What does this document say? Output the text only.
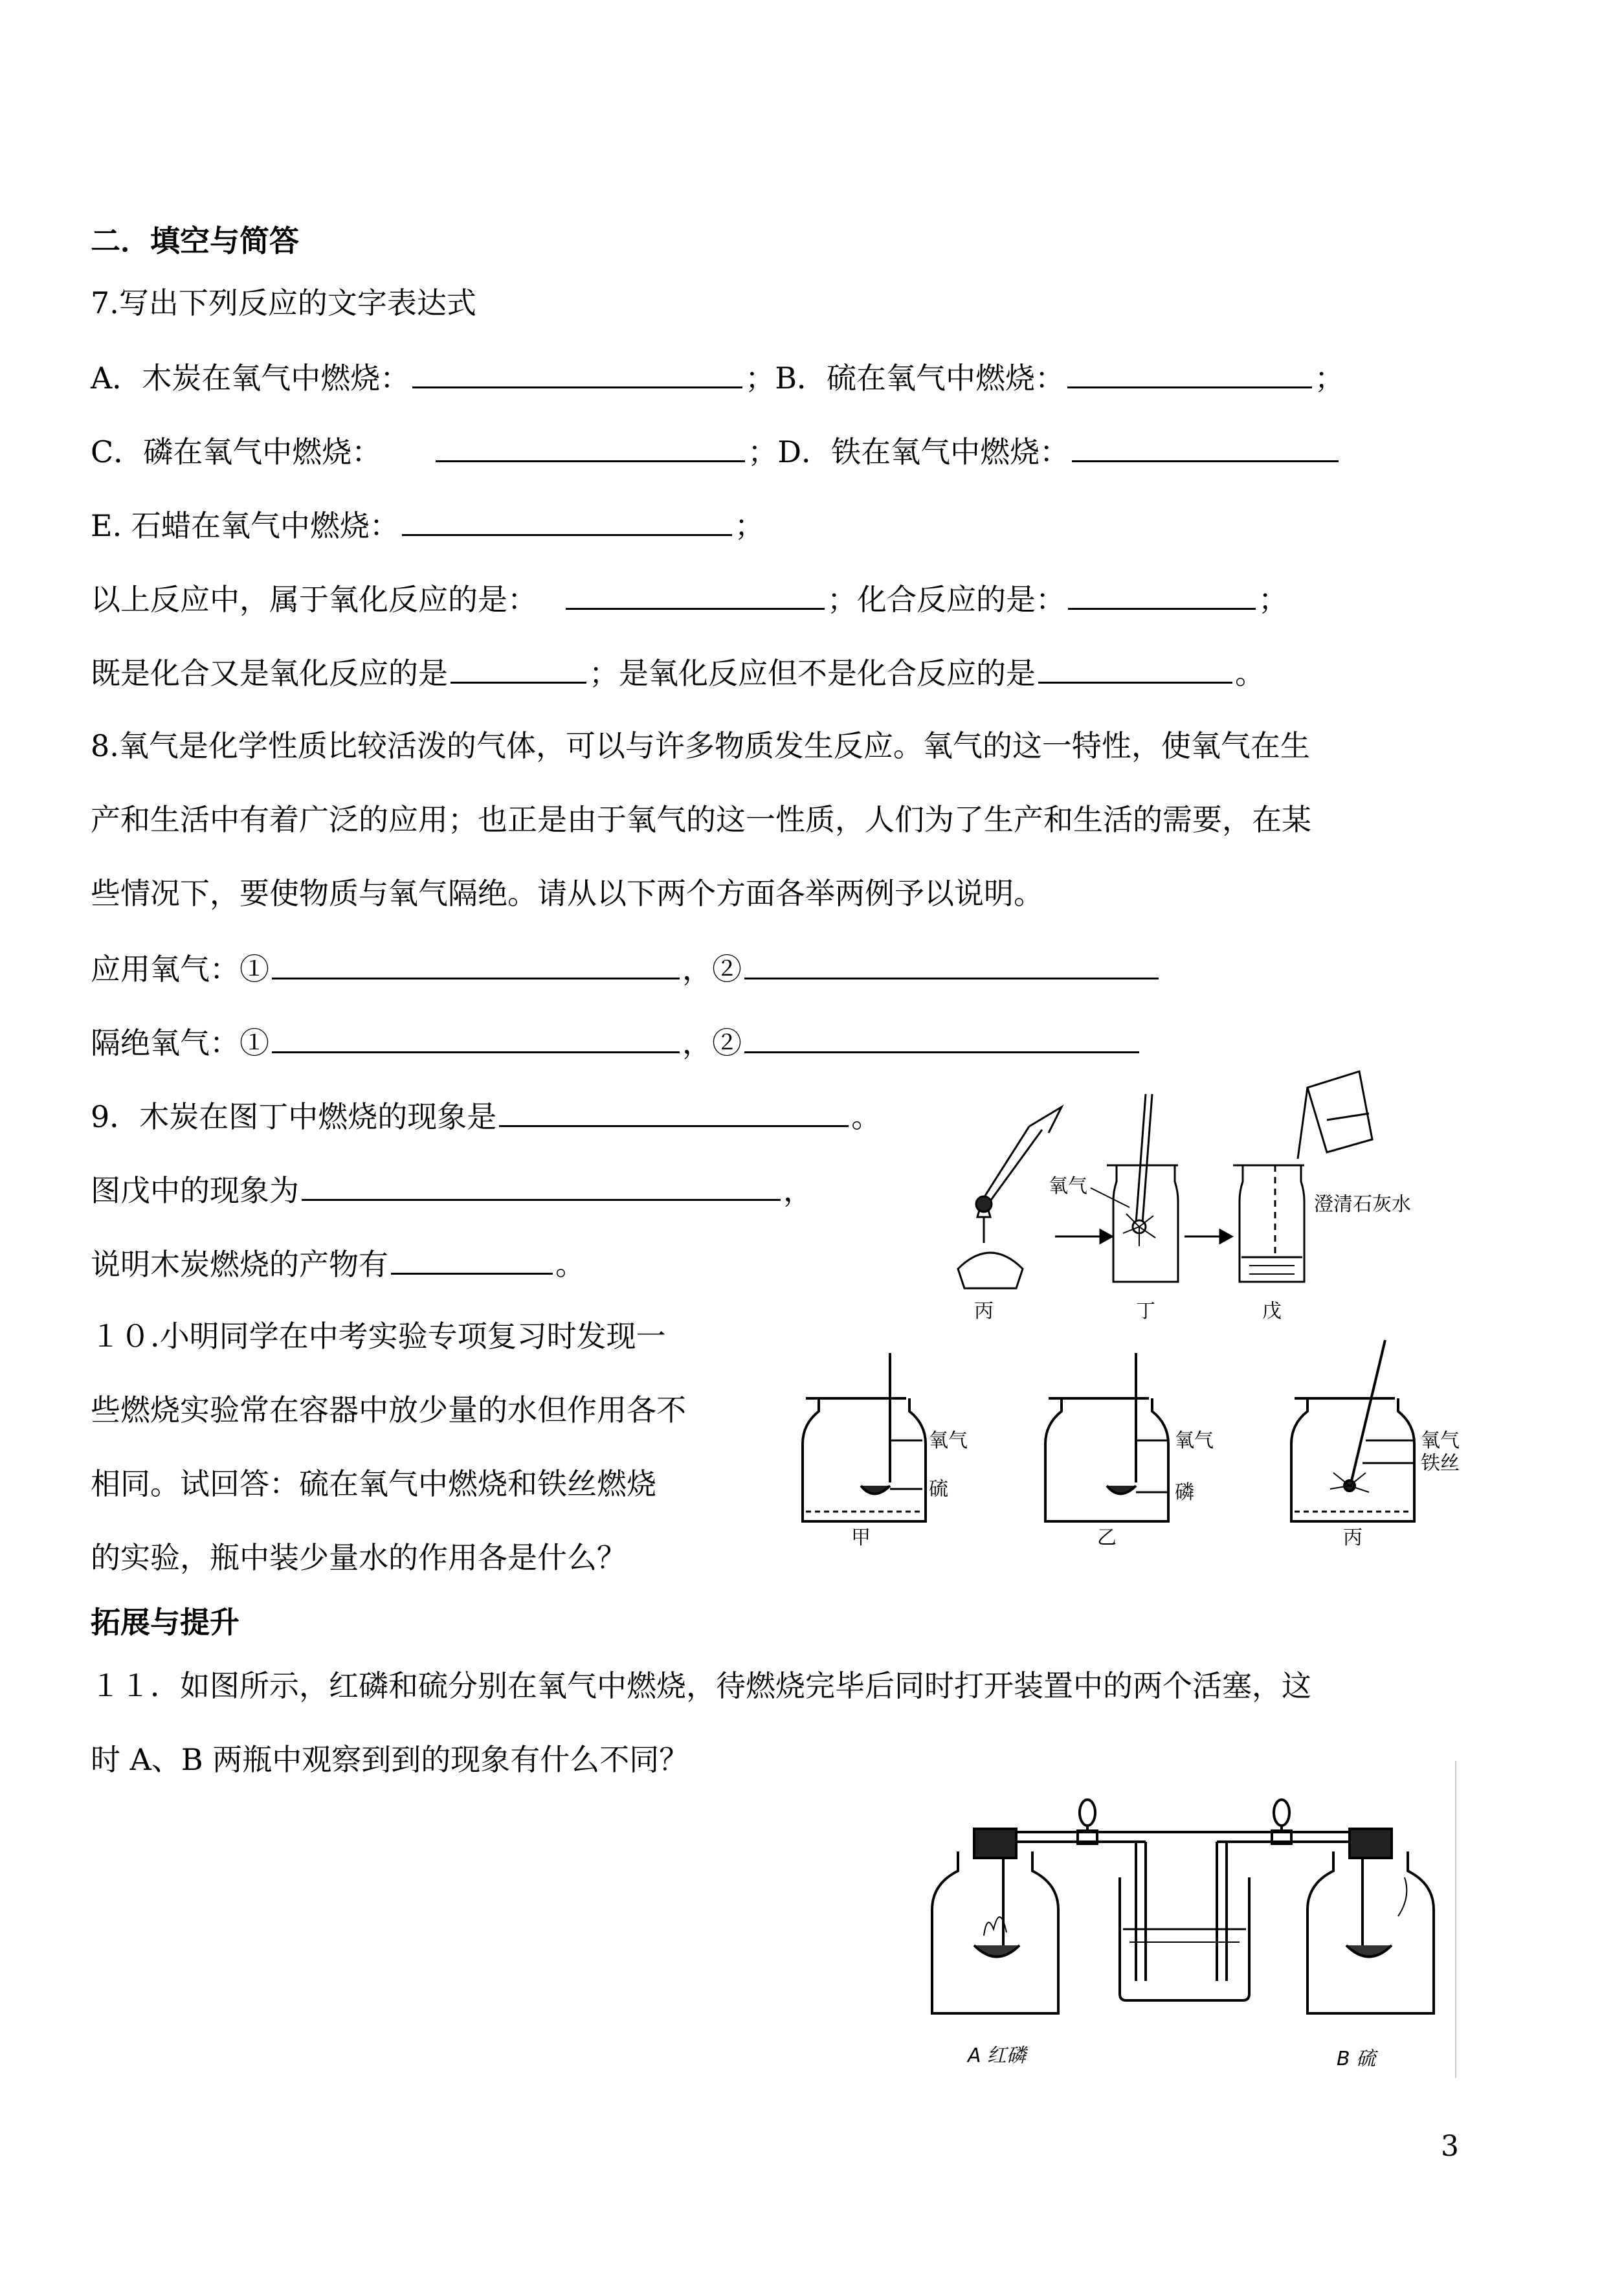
二．填空与简答
7.写出下列反应的文字表达式
A．木炭在氧气中燃烧：	；B．硫在氧气中燃烧：	；
C．磷在氧气中燃烧：	；D．铁在氧气中燃烧：
E. 石蜡在氧气中燃烧：	；
以上反应中，属于氧化反应的是：	；化合反应的是：	；
既是化合又是氧化反应的是	；是氧化反应但不是化合反应的是	。
8.氧气是化学性质比较活泼的气体，可以与许多物质发生反应。氧气的这一特性，使氧气在生
产和生活中有着广泛的应用；也正是由于氧气的这一性质，人们为了生产和生活的需要，在某
些情况下，要使物质与氧气隔绝。请从以下两个方面各举两例予以说明。
应用氧气：①	，②
隔绝氧气：①	，②
9．木炭在图丁中燃烧的现象是	。
图戊中的现象为	，
说明木炭燃烧的产物有	。
氧气
澄清石灰水
丙	丁	戊
１０.小明同学在中考实验专项复习时发现一
些燃烧实验常在容器中放少量的水但作用各不
相同。试回答：硫在氧气中燃烧和铁丝燃烧
的实验，瓶中装少量水的作用各是什么？
氧气
硫
氧气
磷
氧气
铁丝
甲	乙	丙
拓展与提升
１１．如图所示，红磷和硫分别在氧气中燃烧，待燃烧完毕后同时打开装置中的两个活塞，这
时 A、B 两瓶中观察到到的现象有什么不同？
A 红磷	B 硫
3
